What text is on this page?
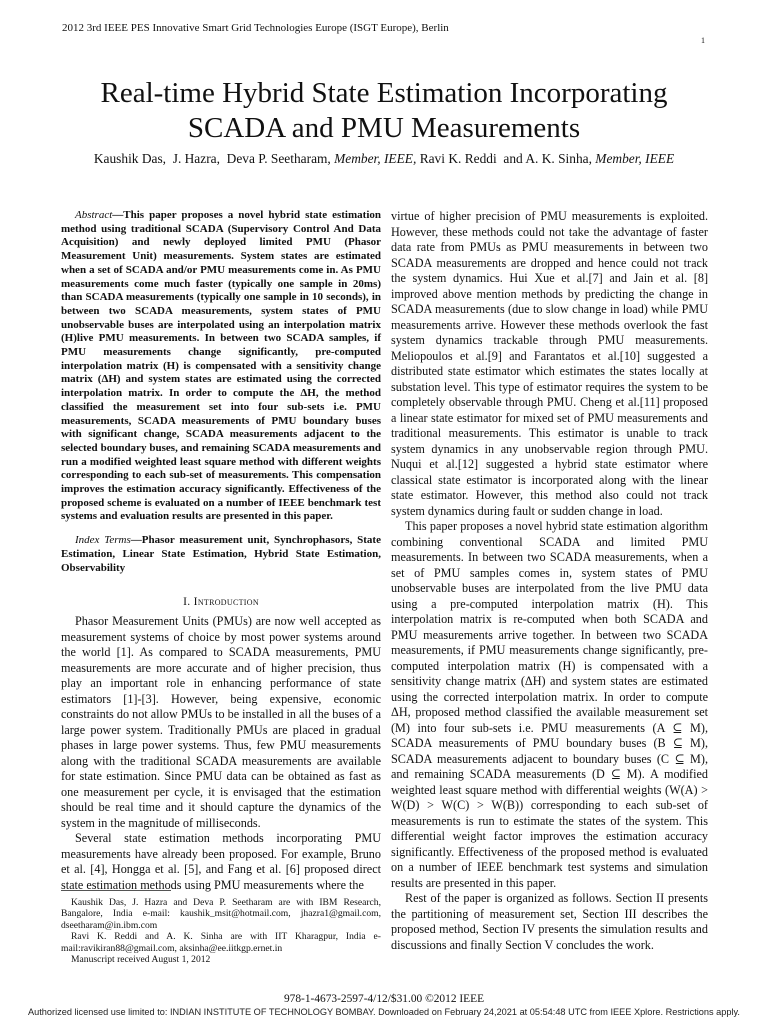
2012 3rd IEEE PES Innovative Smart Grid Technologies Europe (ISGT Europe), Berlin
1
Real-time Hybrid State Estimation Incorporating
SCADA and PMU Measurements
Kaushik Das, J. Hazra, Deva P. Seetharam, Member, IEEE, Ravi K. Reddi and A. K. Sinha, Member, IEEE

Abstract—This paper proposes a novel hybrid state estimation method using traditional SCADA (Supervisory Control And Data Acquisition) and newly deployed limited PMU (Phasor Measurement Unit) measurements. System states are estimated when a set of SCADA and/or PMU measurements come in. As PMU measurements come much faster (typically one sample in 20ms) than SCADA measurements (typically one sample in 10 seconds), in between two SCADA measurements, system states of PMU unobservable buses are interpolated using an interpolation matrix (H)live PMU measurements. In between two SCADA samples, if PMU measurements change significantly, pre-computed interpolation matrix (H) is compensated with a sensitivity change matrix (ΔH) and system states are estimated using the corrected interpolation matrix. In order to compute the ΔH, the method classified the measurement set into four sub-sets i.e. PMU measurements, SCADA measurements of PMU boundary buses with significant change, SCADA measurements adjacent to the selected boundary buses, and remaining SCADA measurements and run a modified weighted least square method with different weights corresponding to each sub-set of measurements. This compensation improves the estimation accuracy significantly. Effectiveness of the proposed scheme is evaluated on a number of IEEE benchmark test systems and evaluation results are presented in this paper.

Index Terms—Phasor measurement unit, Synchrophasors, State Estimation, Linear State Estimation, Hybrid State Estimation, Observability

I. Introduction

Phasor Measurement Units (PMUs) are now well accepted as measurement systems of choice by most power systems around the world [1]. As compared to SCADA measurements, PMU measurements are more accurate and of higher precision, thus play an important role in enhancing performance of state estimators [1]-[3]. However, being expensive, economic constraints do not allow PMUs to be installed in all the buses of a large power system. Traditionally PMUs are placed in gradual phases in large power systems. Thus, few PMU measurements along with the traditional SCADA measurements are available for state estimation. Since PMU data can be obtained as fast as one measurement per cycle, it is envisaged that the estimation should be real time and it should capture the dynamics of the system in the magnitude of milliseconds.

Several state estimation methods incorporating PMU measurements have already been proposed. For example, Bruno et al. [4], Hongga et al. [5], and Fang et al. [6] proposed direct state estimation methods using PMU measurements where the

virtue of higher precision of PMU measurements is exploited. However, these methods could not take the advantage of faster data rate from PMUs as PMU measurements in between two SCADA measurements are dropped and hence could not track the system dynamics. Hui Xue et al.[7] and Jain et al. [8] improved above mention methods by predicting the change in SCADA measurements (due to slow change in load) while PMU measurements arrive. However these methods overlook the fast system dynamics trackable through PMU measurements. Meliopoulos et al.[9] and Farantatos et al.[10] suggested a distributed state estimator which estimates the states locally at substation level. This type of estimator requires the system to be completely observable through PMU. Cheng et al.[11] proposed a linear state estimator for mixed set of PMU measurements and traditional measurements. This estimator is unable to track system dynamics in any unobservable region through PMU. Nuqui et al.[12] suggested a hybrid state estimator where classical state estimator is incorporated along with the linear state estimator. However, this method also could not track system dynamics during fault or sudden change in load.

This paper proposes a novel hybrid state estimation algorithm combining conventional SCADA and limited PMU measurements. In between two SCADA measurements, when a set of PMU samples comes in, system states of PMU unobservable buses are interpolated from the live PMU data using a pre-computed interpolation matrix (H). This interpolation matrix is re-computed when both SCADA and PMU measurements arrive together. In between two SCADA measurements, if PMU measurements change significantly, pre-computed interpolation matrix (H) is compensated with a sensitivity change matrix (ΔH) and system states are estimated using the corrected interpolation matrix. In order to compute ΔH, proposed method classified the available measurement set (M) into four sub-sets i.e. PMU measurements (A ⊆ M), SCADA measurements of PMU boundary buses (B ⊆ M), SCADA measurements adjacent to boundary buses (C ⊆ M), and remaining SCADA measurements (D ⊆ M). A modified weighted least square method with differential weights (W(A) > W(D) > W(C) > W(B)) corresponding to each sub-set of measurements is run to estimate the states of the system. This differential weight factor improves the estimation accuracy significantly. Effectiveness of the proposed method is evaluated on a number of IEEE benchmark test systems and simulation results are presented in this paper.

Rest of the paper is organized as follows. Section II presents the partitioning of measurement set, Section III describes the proposed method, Section IV presents the simulation results and discussions and finally Section V concludes the work.

Kaushik Das, J. Hazra and Deva P. Seetharam are with IBM Research, Bangalore, India e-mail: kaushik_msit@hotmail.com, jhazra1@gmail.com, dseetharam@in.ibm.com

Ravi K. Reddi and A. K. Sinha are with IIT Kharagpur, India e-mail:ravikiran88@gmail.com, aksinha@ee.iitkgp.ernet.in

Manuscript received August 1, 2012

978-1-4673-2597-4/12/$31.00 ©2012 IEEE
Authorized licensed use limited to: INDIAN INSTITUTE OF TECHNOLOGY BOMBAY. Downloaded on February 24,2021 at 05:54:48 UTC from IEEE Xplore. Restrictions apply.
